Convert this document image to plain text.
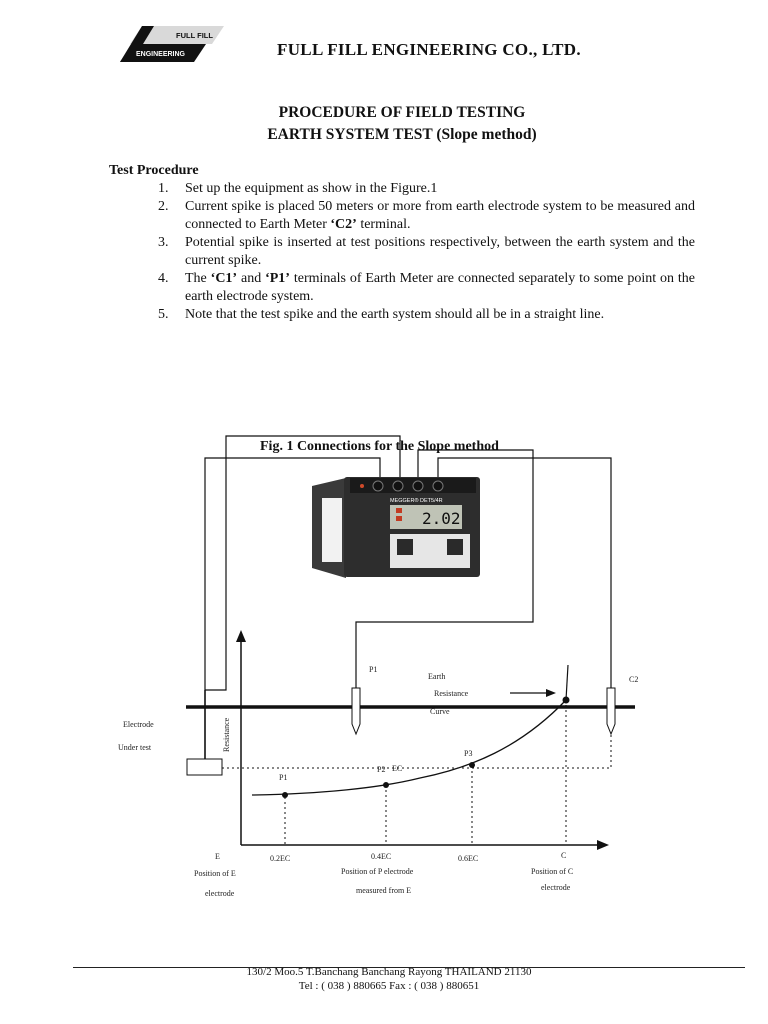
FULL FILL
ENGINEERING	FULL FILL ENGINEERING CO., LTD.
PROCEDURE OF FIELD TESTING
EARTH SYSTEM TEST (Slope method)
Test Procedure
1. Set up the equipment as show in the Figure.1
2. Current spike is placed 50 meters or more from earth electrode system to be measured and connected to Earth Meter ‘C2’ terminal.
3. Potential spike is inserted at test positions respectively, between the earth system and the current spike.
4. The ‘C1’ and ‘P1’ terminals of Earth Meter are connected separately to some point on the earth electrode system.
5. Note that the test spike and the earth system should all be in a straight line.
Fig. 1 Connections for the Slope method
MEGGER® DET5/4R
2.02
P1
C2
Earth
Resistance
Curve
Electrode
Under test	Resistance
P1
P2
P3
EC
E	0.2EC	0.4EC	0.6EC	C
Position of E
electrode
Position of P electrode
measured from E
Position of C
electrode
130/2 Moo.5 T.Banchang Banchang Rayong THAILAND 21130
Tel : ( 038 ) 880665 Fax : ( 038 ) 880651
